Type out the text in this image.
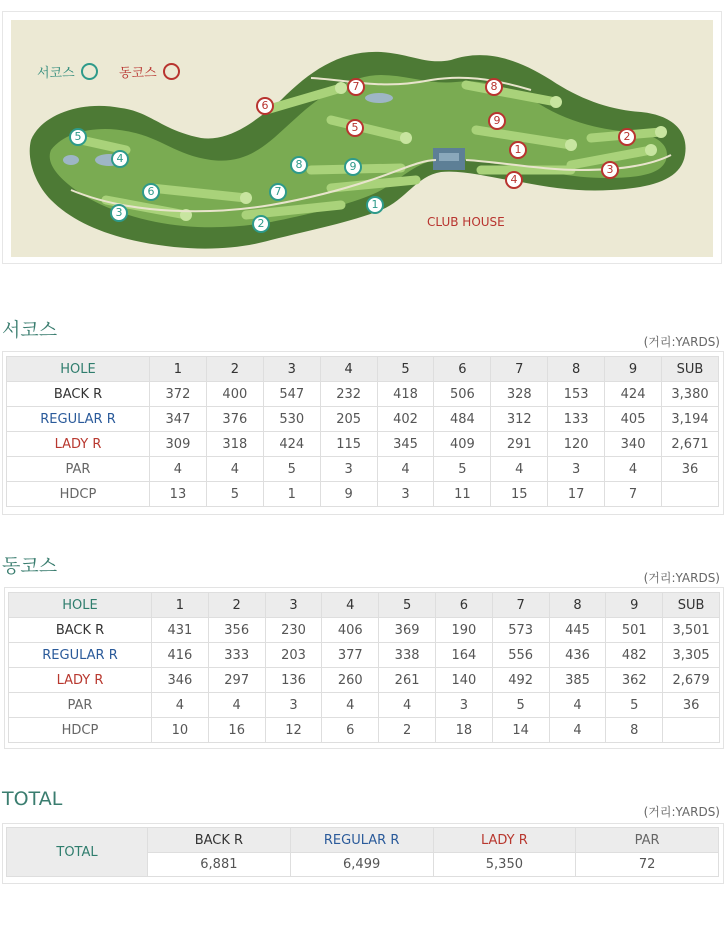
서코스	동코스
CLUB HOUSE
1
2
3
4
5
6	7
8	9
1
2
3
4
5
6
7	8
9
서코스
(거리:YARDS)
HOLE	1	2	3	4	5	6	7	8	9	SUB
BACK R	372	400	547	232	418	506	328	153	424	3,380
REGULAR R	347	376	530	205	402	484	312	133	405	3,194
LADY R	309	318	424	115	345	409	291	120	340	2,671
PAR	4	4	5	3	4	5	4	3	4	36
HDCP	13	5	1	9	3	11	15	17	7	
동코스
(거리:YARDS)
HOLE	1	2	3	4	5	6	7	8	9	SUB
BACK R	431	356	230	406	369	190	573	445	501	3,501
REGULAR R	416	333	203	377	338	164	556	436	482	3,305
LADY R	346	297	136	260	261	140	492	385	362	2,679
PAR	4	4	3	4	4	3	5	4	5	36
HDCP	10	16	12	6	2	18	14	4	8	
TOTAL
(거리:YARDS)
TOTAL	BACK R	REGULAR R	LADY R	PAR
	6,881	6,499	5,350	72
